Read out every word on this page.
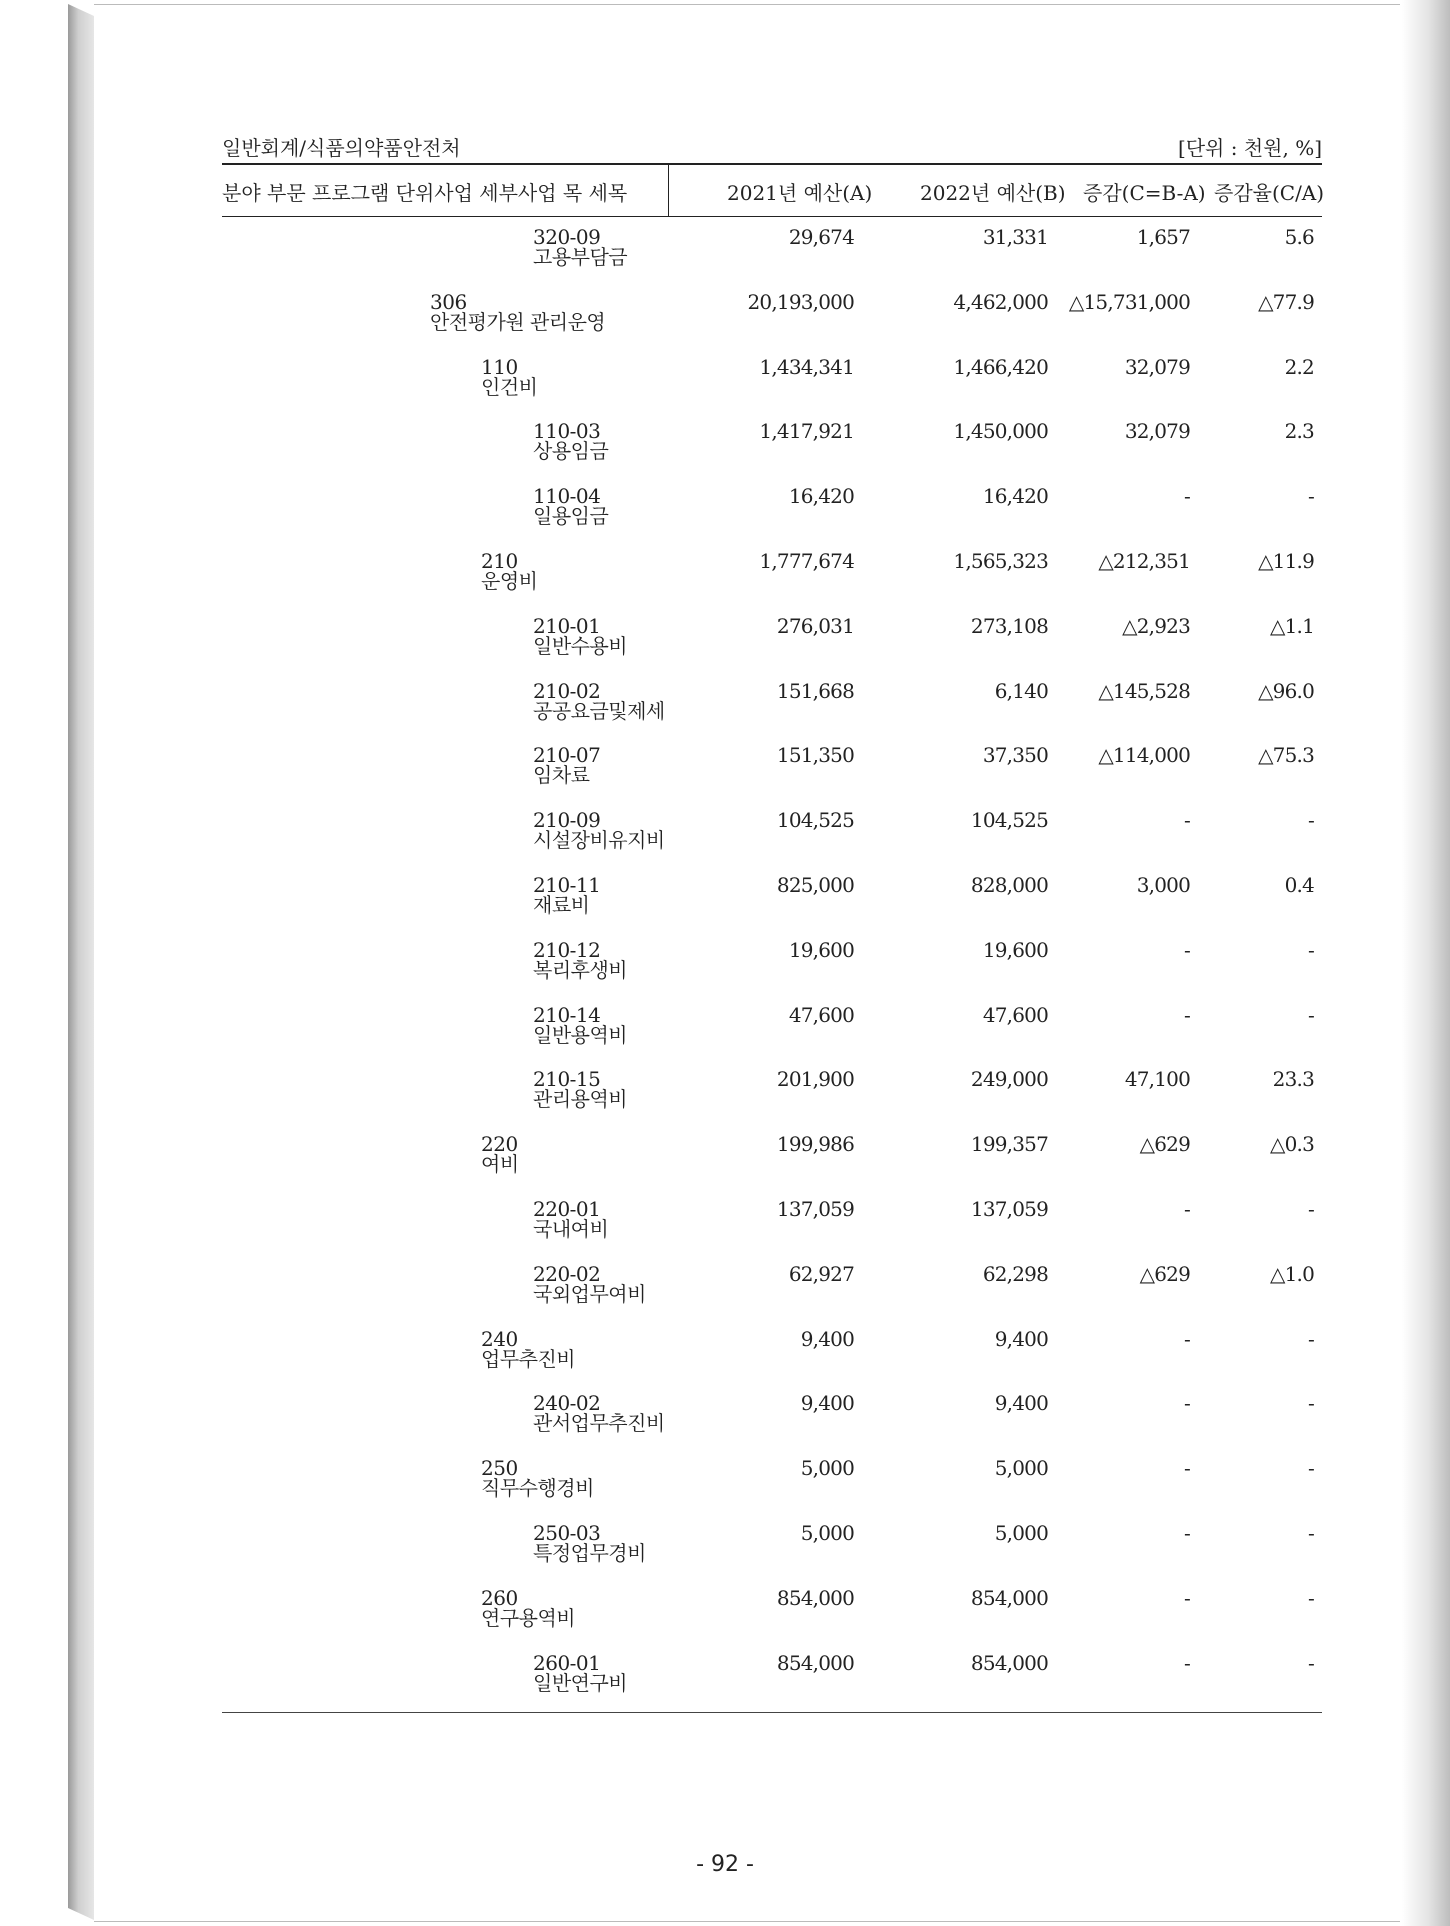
일반회계/식품의약품안전처	[단위 : 천원, %]
분야 부문 프로그램 단위사업 세부사업 목 세목	2021년 예산(A) 2022년 예산(B) 증감(C=B-A) 증감율(C/A)
320-09
고용부담금
29,674	31,331	1,657	5.6
306
안전평가원 관리운영
20,193,000	4,462,000 △15,731,000	△77.9
110
인건비
1,434,341	1,466,420	32,079	2.2
110-03
상용임금
1,417,921	1,450,000	32,079	2.3
110-04
일용임금
16,420	16,420	-	-
210
운영비
1,777,674	1,565,323	△212,351	△11.9
210-01
일반수용비
276,031	273,108	△2,923	△1.1
210-02
공공요금및제세
151,668	6,140	△145,528	△96.0
210-07
임차료
151,350	37,350	△114,000	△75.3
210-09
시설장비유지비
104,525	104,525	-	-
210-11
재료비
825,000	828,000	3,000	0.4
210-12
복리후생비
19,600	19,600	-	-
210-14
일반용역비
47,600	47,600	-	-
210-15
관리용역비
201,900	249,000	47,100	23.3
220
여비
199,986	199,357	△629	△0.3
220-01
국내여비
137,059	137,059	-	-
220-02
국외업무여비
62,927	62,298	△629	△1.0
240
업무추진비
9,400	9,400	-	-
240-02
관서업무추진비
9,400	9,400	-	-
250
직무수행경비
5,000	5,000	-	-
250-03
특정업무경비
5,000	5,000	-	-
260
연구용역비
854,000	854,000	-	-
260-01
일반연구비
854,000	854,000	-	-
- 92 -
